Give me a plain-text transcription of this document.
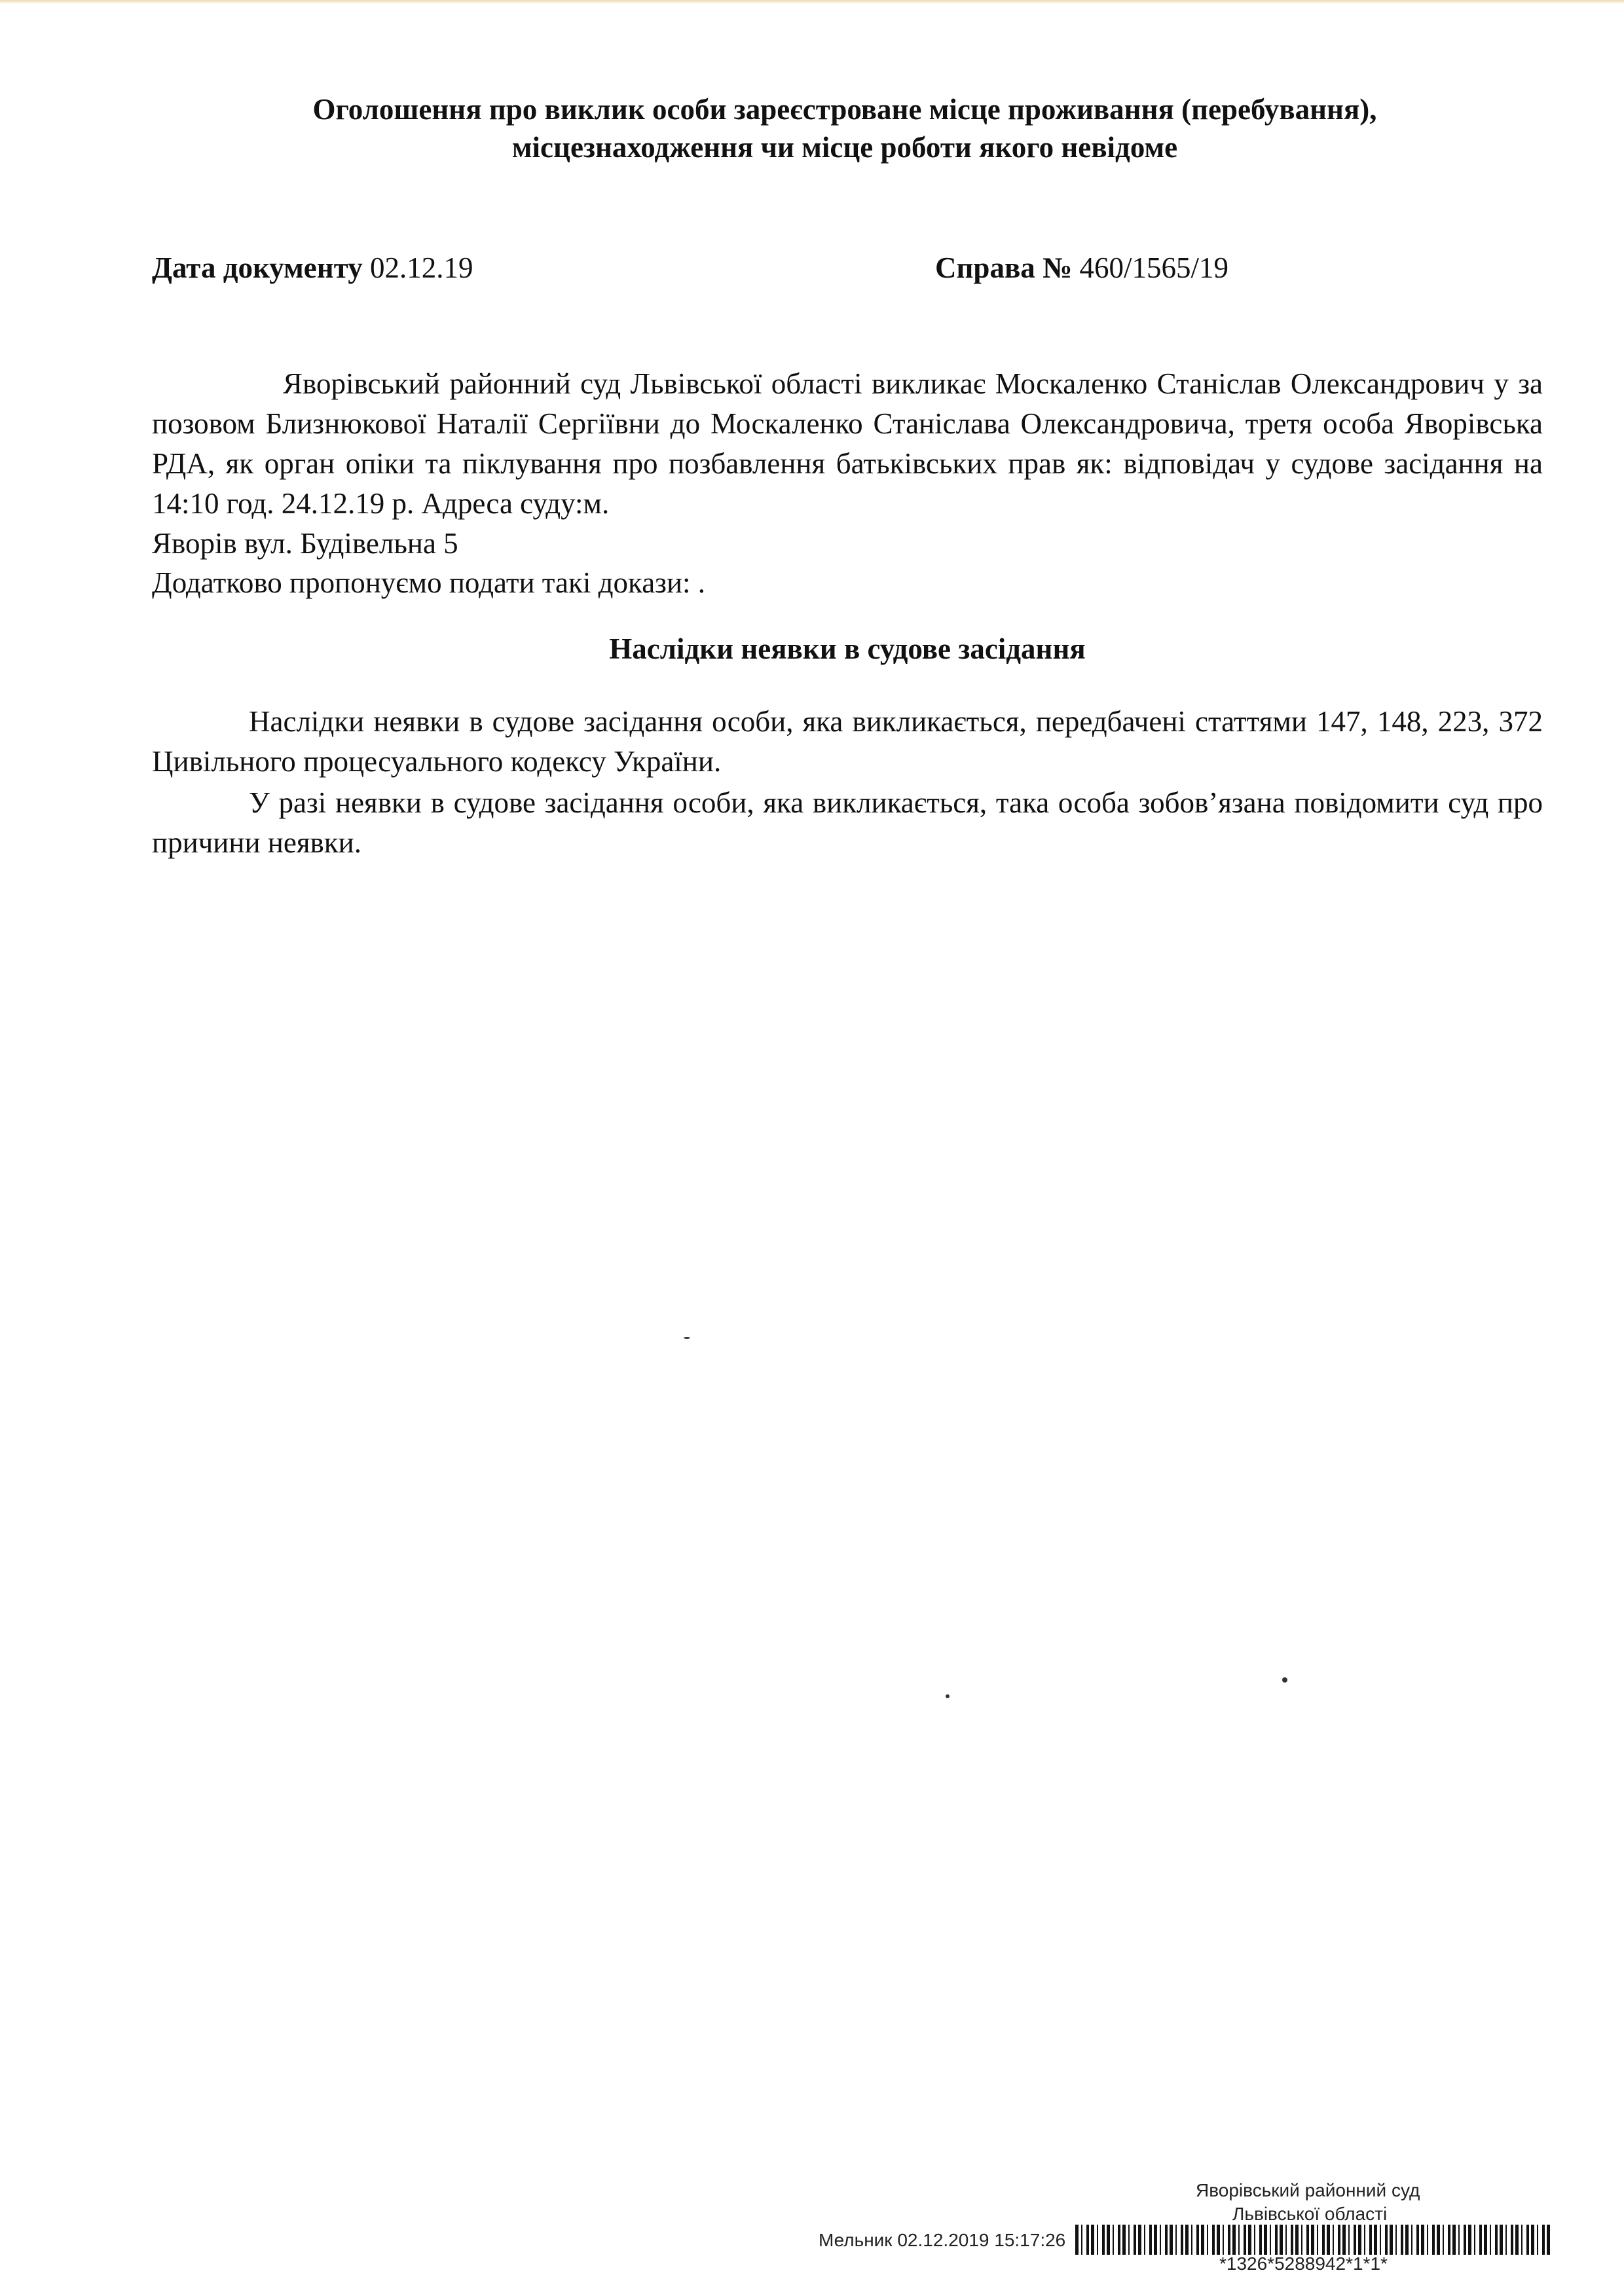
Оголошення про виклик особи зареєстроване місце проживання (перебування),
місцезнаходження чи місце роботи якого невідоме
Дата документу 02.12.19	Справа № 460/1565/19
Яворівський районний суд Львівської області викликає Москаленко Станіслав Олександрович у за позовом Близнюкової Наталії Сергіївни до Москаленко Станіслава Олександровича, третя особа Яворівська РДА, як орган опіки та піклування про позбавлення батьківських прав як: відповідач у судове засідання на 14:10 год. 24.12.19 р. Адреса суду:м.
Яворів вул. Будівельна 5
Додатково пропонуємо подати такі докази: .
Наслідки неявки в судове засідання
Наслідки неявки в судове засідання особи, яка викликається, передбачені статтями 147, 148, 223, 372 Цивільного процесуального кодексу України.
У разі неявки в судове засідання особи, яка викликається, така особа зобов’язана повідомити суд про причини неявки.
Яворівський районний суд
Львівської області
Мельник 02.12.2019 15:17:26
*1326*5288942*1*1*
